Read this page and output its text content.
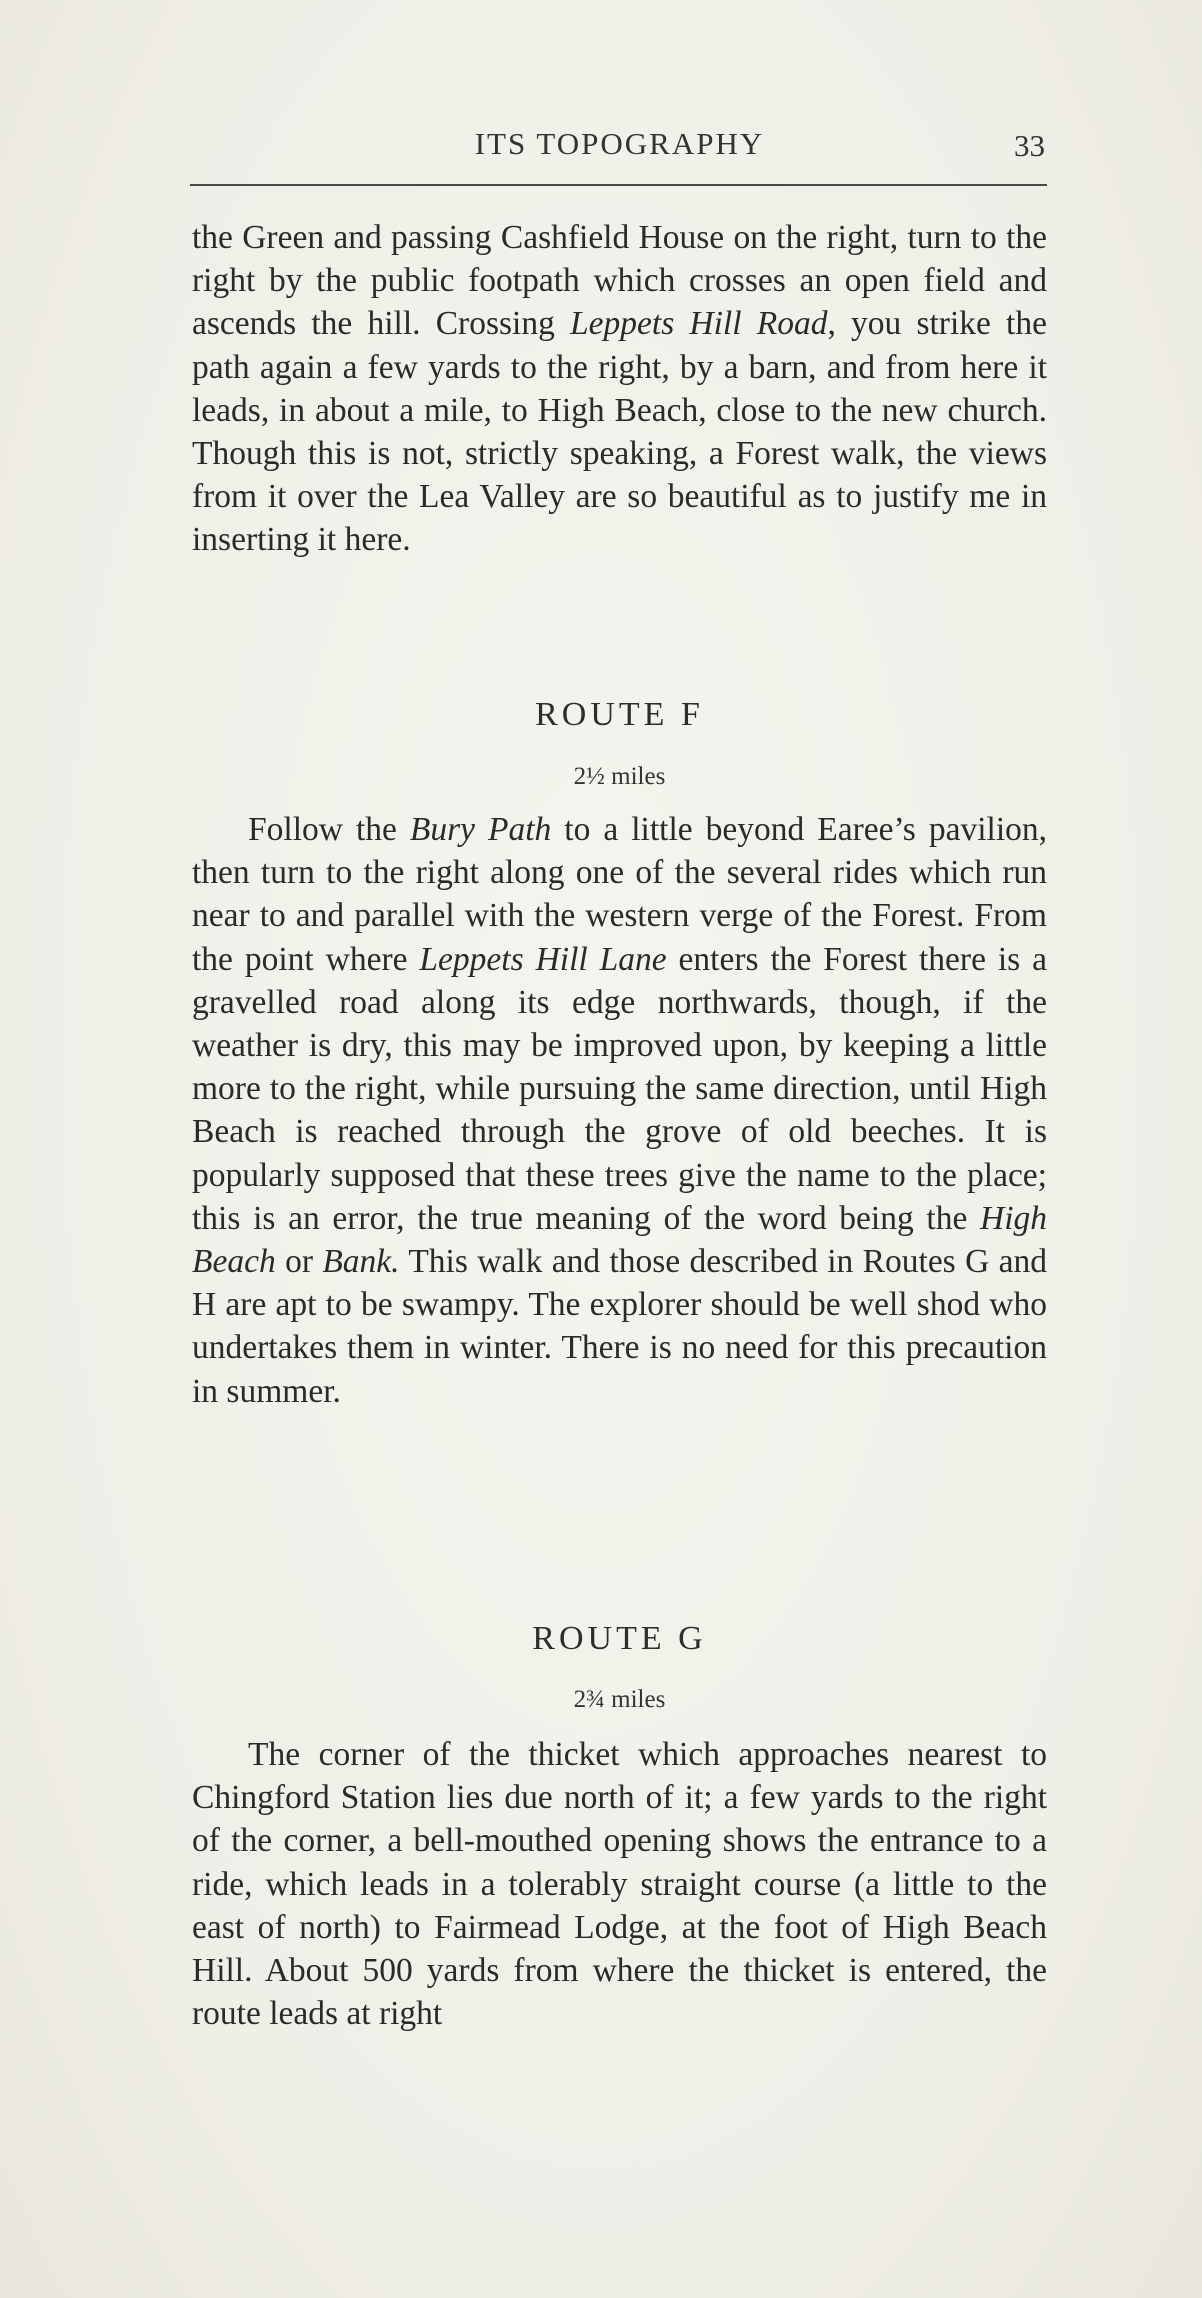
ITS TOPOGRAPHY	33

the Green and passing Cashfield House on the right, turn to the right by the public footpath which crosses an open field and ascends the hill. Crossing Leppets Hill Road, you strike the path again a few yards to the right, by a barn, and from here it leads, in about a mile, to High Beach, close to the new church. Though this is not, strictly speaking, a Forest walk, the views from it over the Lea Valley are so beautiful as to justify me in inserting it here.

ROUTE F
2½ miles

Follow the Bury Path to a little beyond Earee’s pavilion, then turn to the right along one of the several rides which run near to and parallel with the western verge of the Forest. From the point where Leppets Hill Lane enters the Forest there is a gravelled road along its edge northwards, though, if the weather is dry, this may be improved upon, by keeping a little more to the right, while pursuing the same direction, until High Beach is reached through the grove of old beeches. It is popularly supposed that these trees give the name to the place; this is an error, the true meaning of the word being the High Beach or Bank. This walk and those described in Routes G and H are apt to be swampy. The explorer should be well shod who undertakes them in winter. There is no need for this precaution in summer.

ROUTE G
2¾ miles

The corner of the thicket which approaches nearest to Chingford Station lies due north of it; a few yards to the right of the corner, a bell-mouthed opening shows the entrance to a ride, which leads in a tolerably straight course (a little to the east of north) to Fairmead Lodge, at the foot of High Beach Hill. About 500 yards from where the thicket is entered, the route leads at right
